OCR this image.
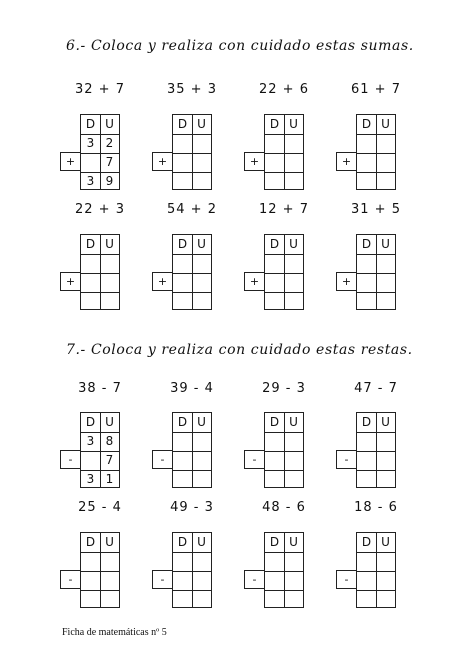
6.- Coloca y realiza con cuidado estas sumas.
7.- Coloca y realiza con cuidado estas restas.
32 + 7
D U
3 2
7
3 9
+
35 + 3
D U
+
22 + 6
D U
+
61 + 7
D U
+
22 + 3
D U
+
54 + 2
D U
+
12 + 7
D U
+
31 + 5
D U
+
38 - 7
D U
3 8
7
3 1
-
39 - 4
D U
-
29 - 3
D U
-
47 - 7
D U
-
25 - 4
D U
-
49 - 3
D U
-
48 - 6
D U
-
18 - 6
D U
-
Ficha de matemáticas nº 5
